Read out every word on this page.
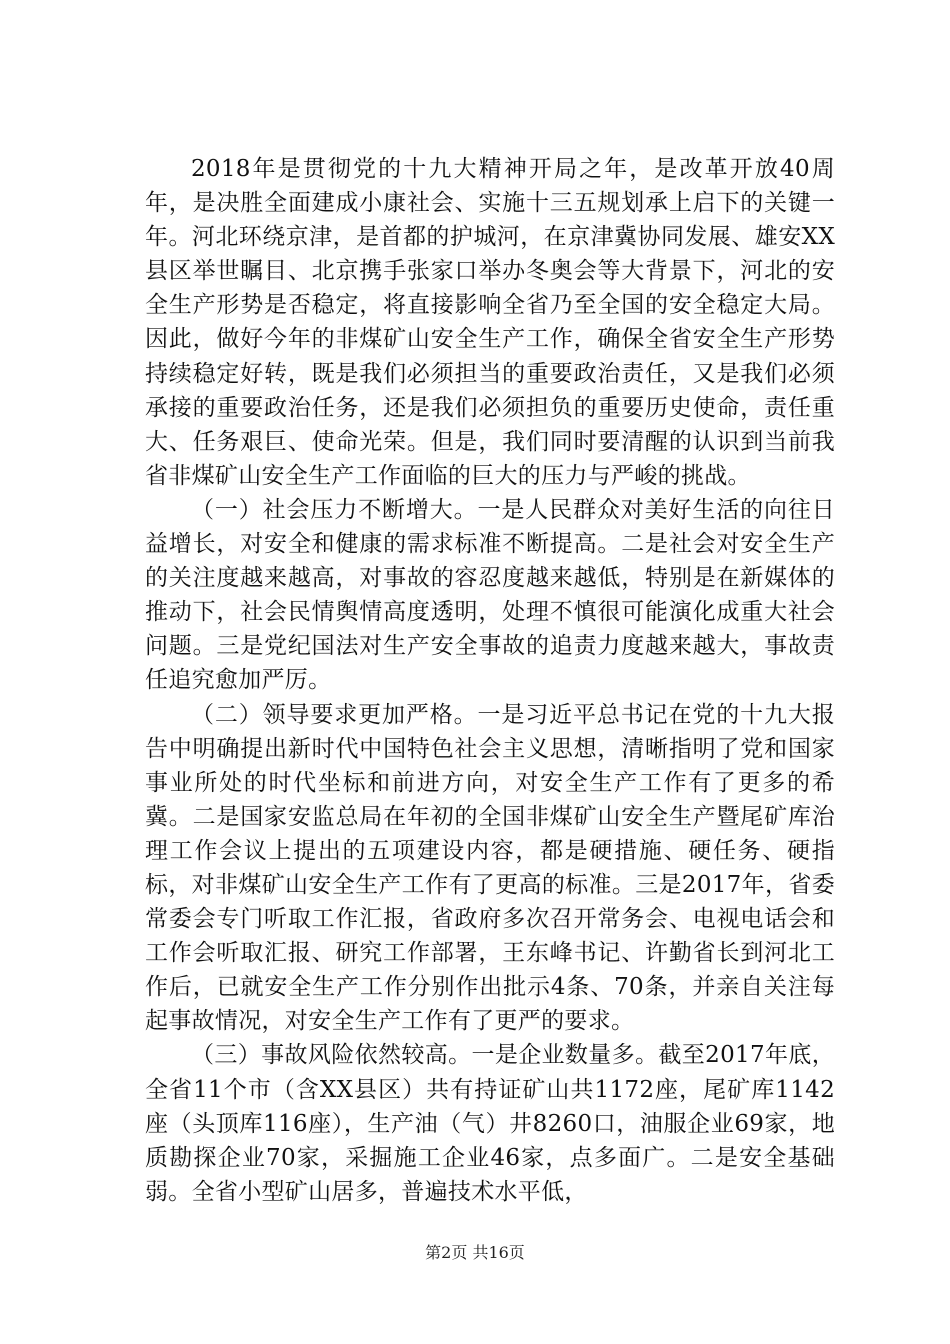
2018年是贯彻党的十九大精神开局之年，是改革开放40周年，是决胜全面建成小康社会、实施十三五规划承上启下的关键一年。河北环绕京津，是首都的护城河，在京津冀协同发展、雄安XX县区举世瞩目、北京携手张家口举办冬奥会等大背景下，河北的安全生产形势是否稳定，将直接影响全省乃至全国的安全稳定大局。因此，做好今年的非煤矿山安全生产工作，确保全省安全生产形势持续稳定好转，既是我们必须担当的重要政治责任，又是我们必须承接的重要政治任务，还是我们必须担负的重要历史使命，责任重大、任务艰巨、使命光荣。但是，我们同时要清醒的认识到当前我省非煤矿山安全生产工作面临的巨大的压力与严峻的挑战。

（一）社会压力不断增大。一是人民群众对美好生活的向往日益增长，对安全和健康的需求标准不断提高。二是社会对安全生产的关注度越来越高，对事故的容忍度越来越低，特别是在新媒体的推动下，社会民情舆情高度透明，处理不慎很可能演化成重大社会问题。三是党纪国法对生产安全事故的追责力度越来越大，事故责任追究愈加严厉。

（二）领导要求更加严格。一是习近平总书记在党的十九大报告中明确提出新时代中国特色社会主义思想，清晰指明了党和国家事业所处的时代坐标和前进方向，对安全生产工作有了更多的希冀。二是国家安监总局在年初的全国非煤矿山安全生产暨尾矿库治理工作会议上提出的五项建设内容，都是硬措施、硬任务、硬指标，对非煤矿山安全生产工作有了更高的标准。三是2017年，省委常委会专门听取工作汇报，省政府多次召开常务会、电视电话会和工作会听取汇报、研究工作部署，王东峰书记、许勤省长到河北工作后，已就安全生产工作分别作出批示4条、70条，并亲自关注每起事故情况，对安全生产工作有了更严的要求。

（三）事故风险依然较高。一是企业数量多。截至2017年底，全省11个市（含XX县区）共有持证矿山共1172座，尾矿库1142座（头顶库116座），生产油（气）井8260口，油服企业69家，地质勘探企业70家，采掘施工企业46家，点多面广。二是安全基础弱。全省小型矿山居多，普遍技术水平低，

第2页 共16页
